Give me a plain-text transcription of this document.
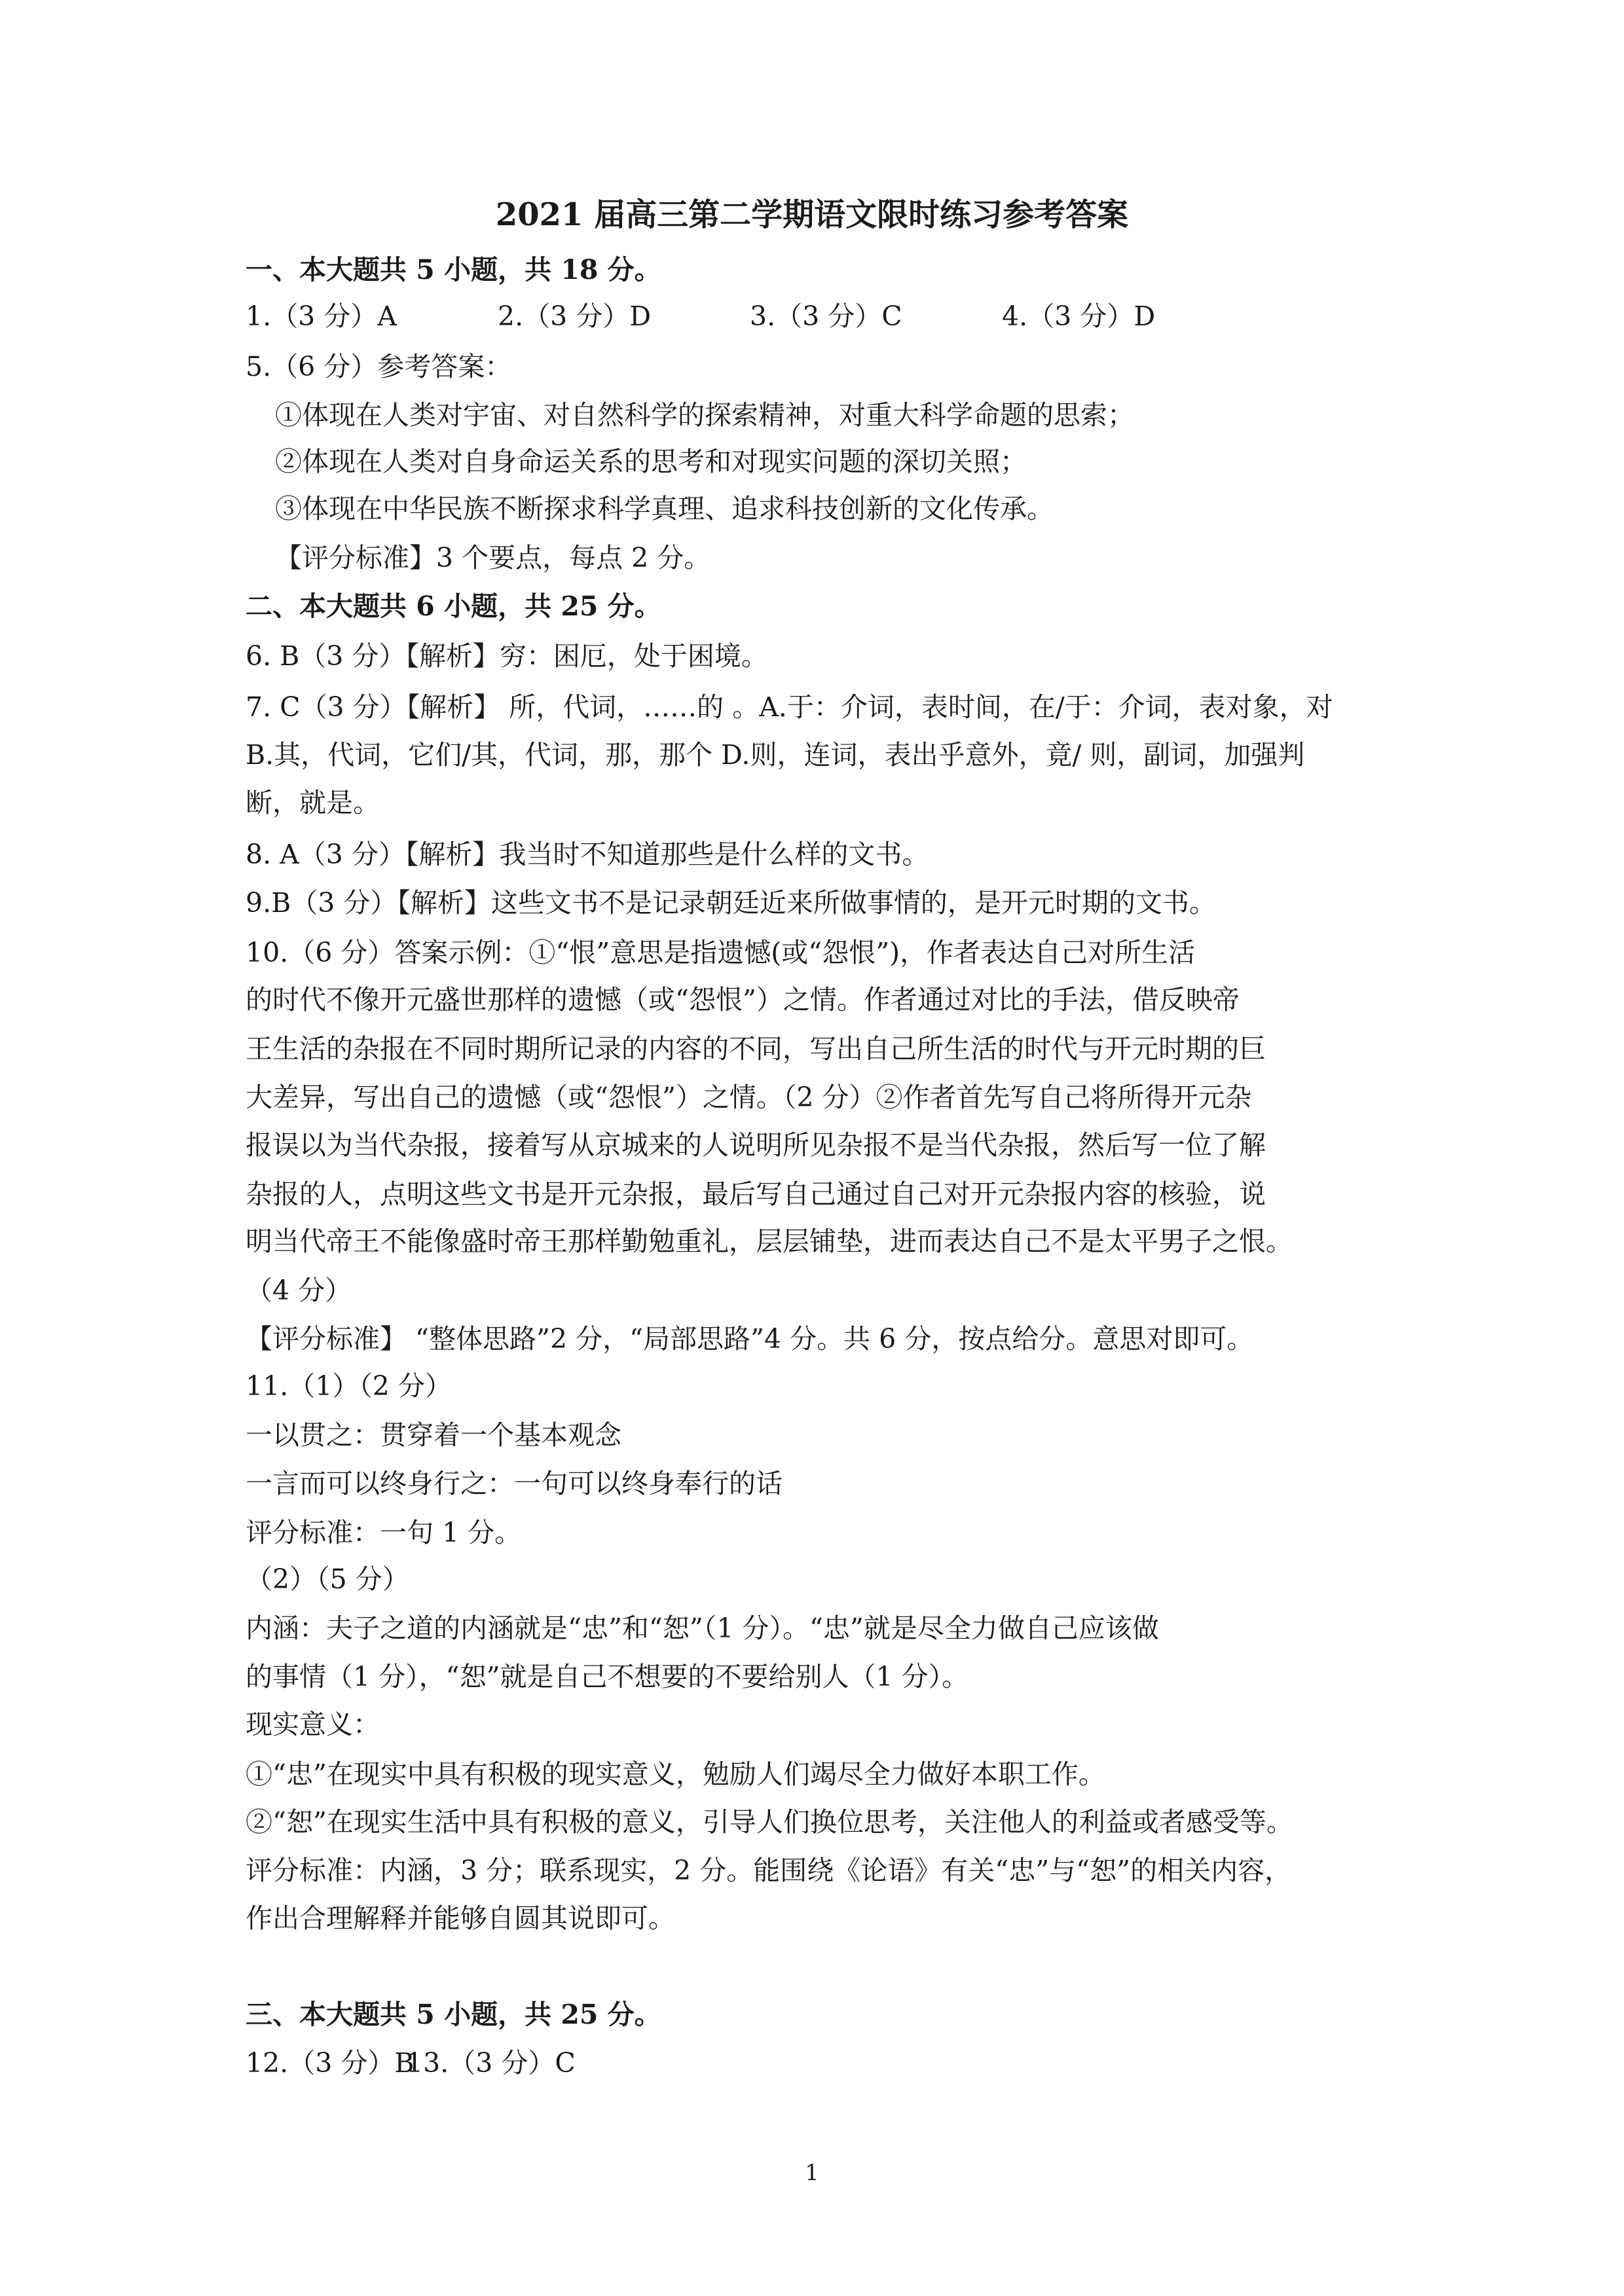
2021 届高三第二学期语文限时练习参考答案

一、本大题共 5 小题，共 18 分。

1.（3 分）A	2.（3 分）D	3.（3 分）C	4.（3 分）D

5.（6 分）参考答案：

①体现在人类对宇宙、对自然科学的探索精神，对重大科学命题的思索；

②体现在人类对自身命运关系的思考和对现实问题的深切关照；

③体现在中华民族不断探求科学真理、追求科技创新的文化传承。

【评分标准】3 个要点，每点 2 分。

二、本大题共 6 小题，共 25 分。

6. B（3 分）【解析】穷：困厄，处于困境。

7. C（3 分）【解析】 所，代词，……的 。A.于：介词，表时间，在/于：介词，表对象，对

B.其，代词，它们/其，代词，那，那个 D.则，连词，表出乎意外，竟/ 则，副词，加强判

断，就是。

8. A（3 分）【解析】我当时不知道那些是什么样的文书。

9.B（3 分）【解析】这些文书不是记录朝廷近来所做事情的，是开元时期的文书。

10.（6 分）答案示例：①“恨”意思是指遗憾(或“怨恨”)，作者表达自己对所生活

的时代不像开元盛世那样的遗憾（或“怨恨”）之情。作者通过对比的手法，借反映帝

王生活的杂报在不同时期所记录的内容的不同，写出自己所生活的时代与开元时期的巨

大差异，写出自己的遗憾（或“怨恨”）之情。（2 分）②作者首先写自己将所得开元杂

报误以为当代杂报，接着写从京城来的人说明所见杂报不是当代杂报，然后写一位了解

杂报的人，点明这些文书是开元杂报，最后写自己通过自己对开元杂报内容的核验，说

明当代帝王不能像盛时帝王那样勤勉重礼，层层铺垫，进而表达自己不是太平男子之恨。

（4 分）

【评分标准】 “整体思路”2 分，“局部思路”4 分。共 6 分，按点给分。意思对即可。

11.（1）（2 分）

一以贯之：贯穿着一个基本观念

一言而可以终身行之：一句可以终身奉行的话

评分标准：一句 1 分。

（2）（5 分）

内涵：夫子之道的内涵就是“忠”和“恕”（1 分）。“忠”就是尽全力做自己应该做

的事情（1 分），“恕”就是自己不想要的不要给别人（1 分）。

现实意义：

①“忠”在现实中具有积极的现实意义，勉励人们竭尽全力做好本职工作。

②“恕”在现实生活中具有积极的意义，引导人们换位思考，关注他人的利益或者感受等。

评分标准：内涵，3 分；联系现实，2 分。能围绕《论语》有关“忠”与“恕”的相关内容，

作出合理解释并能够自圆其说即可。

三、本大题共 5 小题，共 25 分。

12.（3 分）B
13.（3 分）C
1
